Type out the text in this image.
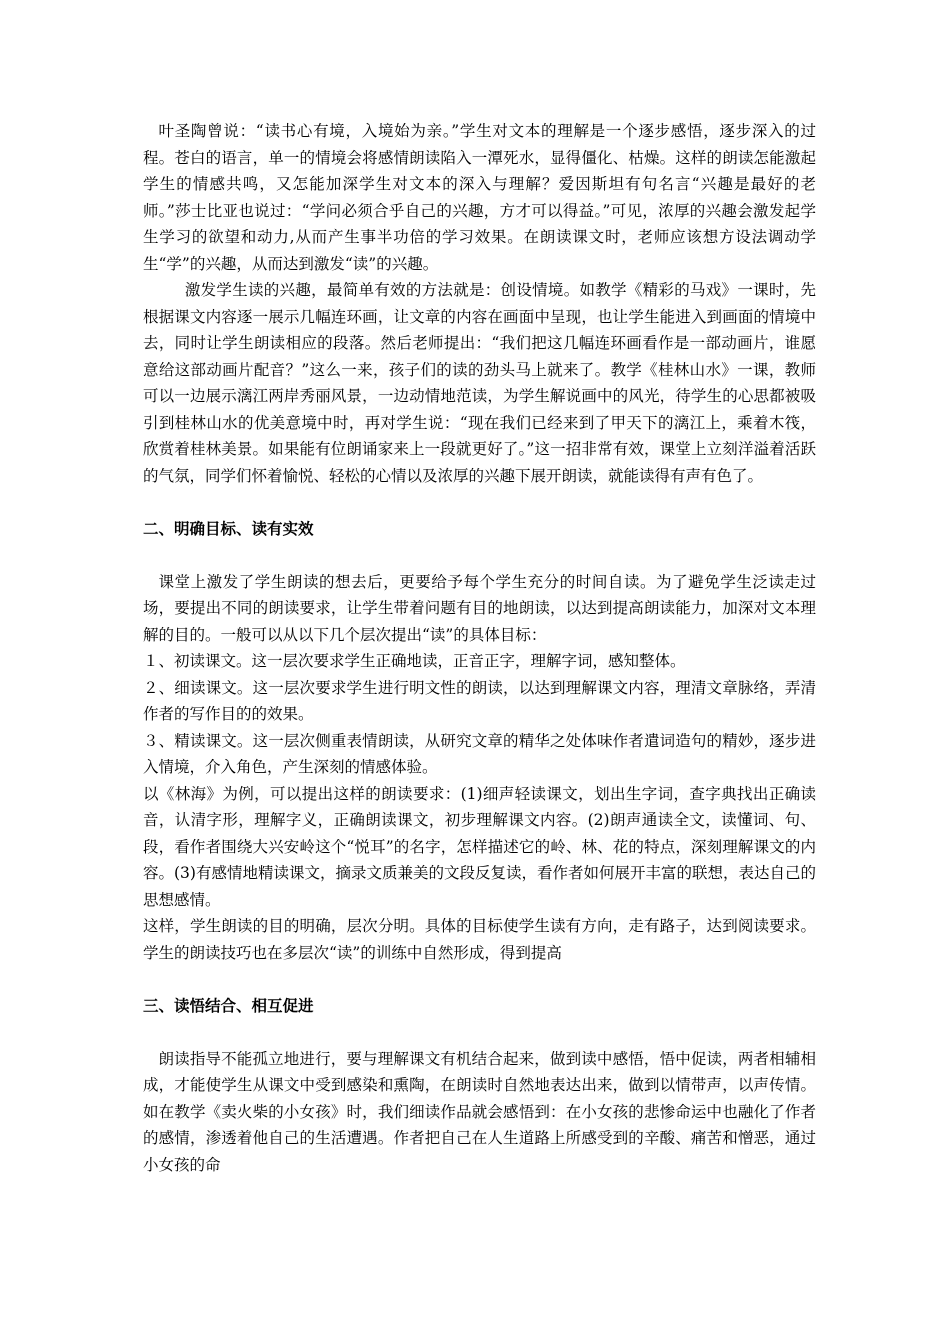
叶圣陶曾说：“读书心有境，入境始为亲。”学生对文本的理解是一个逐步感悟，逐步深入的过程。苍白的语言，单一的情境会将感情朗读陷入一潭死水，显得僵化、枯燥。这样的朗读怎能激起学生的情感共鸣，又怎能加深学生对文本的深入与理解？爱因斯坦有句名言“兴趣是最好的老师。”莎士比亚也说过：“学问必须合乎自己的兴趣，方才可以得益。”可见，浓厚的兴趣会激发起学生学习的欲望和动力,从而产生事半功倍的学习效果。在朗读课文时，老师应该想方设法调动学生“学”的兴趣，从而达到激发“读”的兴趣。

激发学生读的兴趣，最简单有效的方法就是：创设情境。如教学《精彩的马戏》一课时，先根据课文内容逐一展示几幅连环画，让文章的内容在画面中呈现，也让学生能进入到画面的情境中去，同时让学生朗读相应的段落。然后老师提出：“我们把这几幅连环画看作是一部动画片，谁愿意给这部动画片配音？”这么一来，孩子们的读的劲头马上就来了。教学《桂林山水》一课，教师可以一边展示漓江两岸秀丽风景，一边动情地范读，为学生解说画中的风光，待学生的心思都被吸引到桂林山水的优美意境中时，再对学生说：“现在我们已经来到了甲天下的漓江上，乘着木筏，欣赏着桂林美景。如果能有位朗诵家来上一段就更好了。”这一招非常有效，课堂上立刻洋溢着活跃的气氛，同学们怀着愉悦、轻松的心情以及浓厚的兴趣下展开朗读，就能读得有声有色了。

二、明确目标、读有实效

课堂上激发了学生朗读的想去后，更要给予每个学生充分的时间自读。为了避免学生泛读走过场，要提出不同的朗读要求，让学生带着问题有目的地朗读，以达到提高朗读能力，加深对文本理解的目的。一般可以从以下几个层次提出“读”的具体目标：

１、初读课文。这一层次要求学生正确地读，正音正字，理解字词，感知整体。

２、细读课文。这一层次要求学生进行明文性的朗读，以达到理解课文内容，理清文章脉络，弄清作者的写作目的的效果。

３、精读课文。这一层次侧重表情朗读，从研究文章的精华之处体味作者遣词造句的精妙，逐步进入情境，介入角色，产生深刻的情感体验。

以《林海》为例，可以提出这样的朗读要求：(1)细声轻读课文，划出生字词，查字典找出正确读音，认清字形，理解字义，正确朗读课文，初步理解课文内容。(2)朗声通读全文，读懂词、句、段，看作者围绕大兴安岭这个“悦耳”的名字，怎样描述它的岭、林、花的特点，深刻理解课文的内容。(3)有感情地精读课文，摘录文质兼美的文段反复读，看作者如何展开丰富的联想，表达自己的思想感情。

这样，学生朗读的目的明确，层次分明。具体的目标使学生读有方向，走有路子，达到阅读要求。学生的朗读技巧也在多层次“读”的训练中自然形成，得到提高

三、读悟结合、相互促进

朗读指导不能孤立地进行，要与理解课文有机结合起来，做到读中感悟，悟中促读，两者相辅相成，才能使学生从课文中受到感染和熏陶，在朗读时自然地表达出来，做到以情带声，以声传情。如在教学《卖火柴的小女孩》时，我们细读作品就会感悟到：在小女孩的悲惨命运中也融化了作者的感情，渗透着他自己的生活遭遇。作者把自己在人生道路上所感受到的辛酸、痛苦和憎恶，通过小女孩的命
